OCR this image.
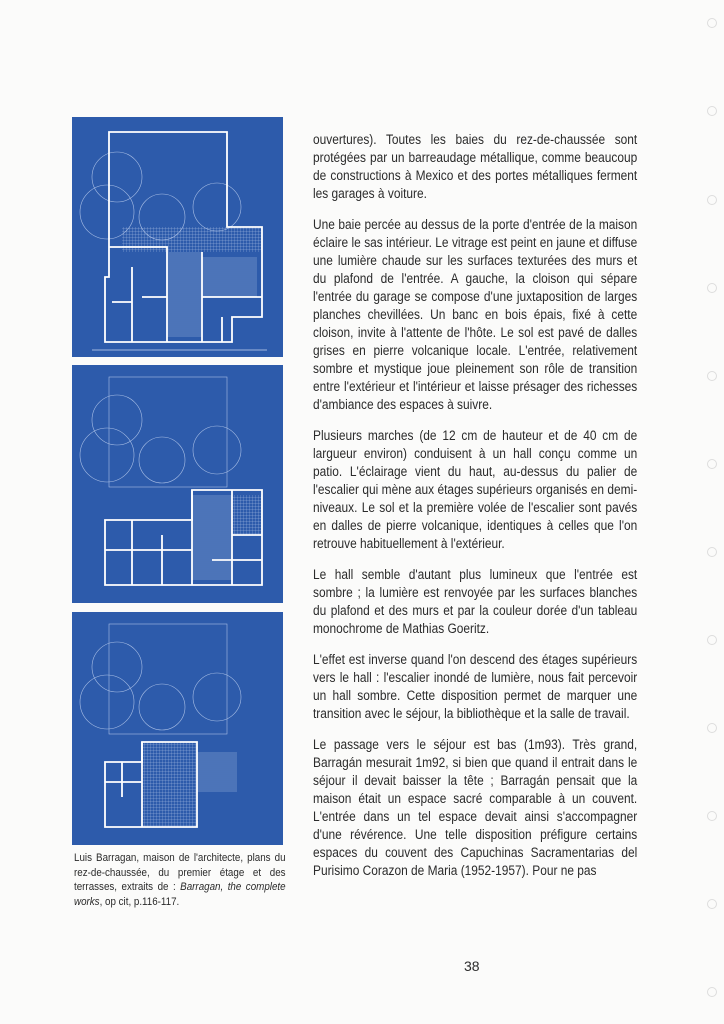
Luis Barragan, maison de l'architecte, plans du rez-de-chaussée, du premier étage et des terrasses, extraits de : Barragan, the complete works, op cit, p.116-117.

ouvertures). Toutes les baies du rez-de-chaussée sont protégées par un barreaudage métallique, comme beaucoup de constructions à Mexico et des portes métalliques ferment les garages à voiture.

Une baie percée au dessus de la porte d'entrée de la maison éclaire le sas intérieur. Le vitrage est peint en jaune et diffuse une lumière chaude sur les surfaces texturées des murs et du plafond de l'entrée. A gauche, la cloison qui sépare l'entrée du garage se compose d'une juxtaposition de larges planches chevillées. Un banc en bois épais, fixé à cette cloison, invite à l'attente de l'hôte. Le sol est pavé de dalles grises en pierre volcanique locale. L'entrée, relativement sombre et mystique joue pleinement son rôle de transition entre l'extérieur et l'intérieur et laisse présager des richesses d'ambiance des espaces à suivre.

Plusieurs marches (de 12 cm de hauteur et de 40 cm de largueur environ) conduisent à un hall conçu comme un patio. L'éclairage vient du haut, au-dessus du palier de l'escalier qui mène aux étages supérieurs organisés en demi-niveaux. Le sol et la première volée de l'escalier sont pavés en dalles de pierre volcanique, identiques à celles que l'on retrouve habituellement à l'extérieur.

Le hall semble d'autant plus lumineux que l'entrée est sombre ; la lumière est renvoyée par les surfaces blanches du plafond et des murs et par la couleur dorée d'un tableau monochrome de Mathias Goeritz.

L'effet est inverse quand l'on descend des étages supérieurs vers le hall : l'escalier inondé de lumière, nous fait percevoir un hall sombre. Cette disposition permet de marquer une transition avec le séjour, la bibliothèque et la salle de travail.

Le passage vers le séjour est bas (1m93). Très grand, Barragán mesurait 1m92, si bien que quand il entrait dans le séjour il devait baisser la tête ; Barragán pensait que la maison était un espace sacré comparable à un couvent. L'entrée dans un tel espace devait ainsi s'accompagner d'une révérence. Une telle disposition préfigure certains espaces du couvent des Capuchinas Sacramentarias del Purisimo Corazon de Maria (1952-1957). Pour ne pas

38
